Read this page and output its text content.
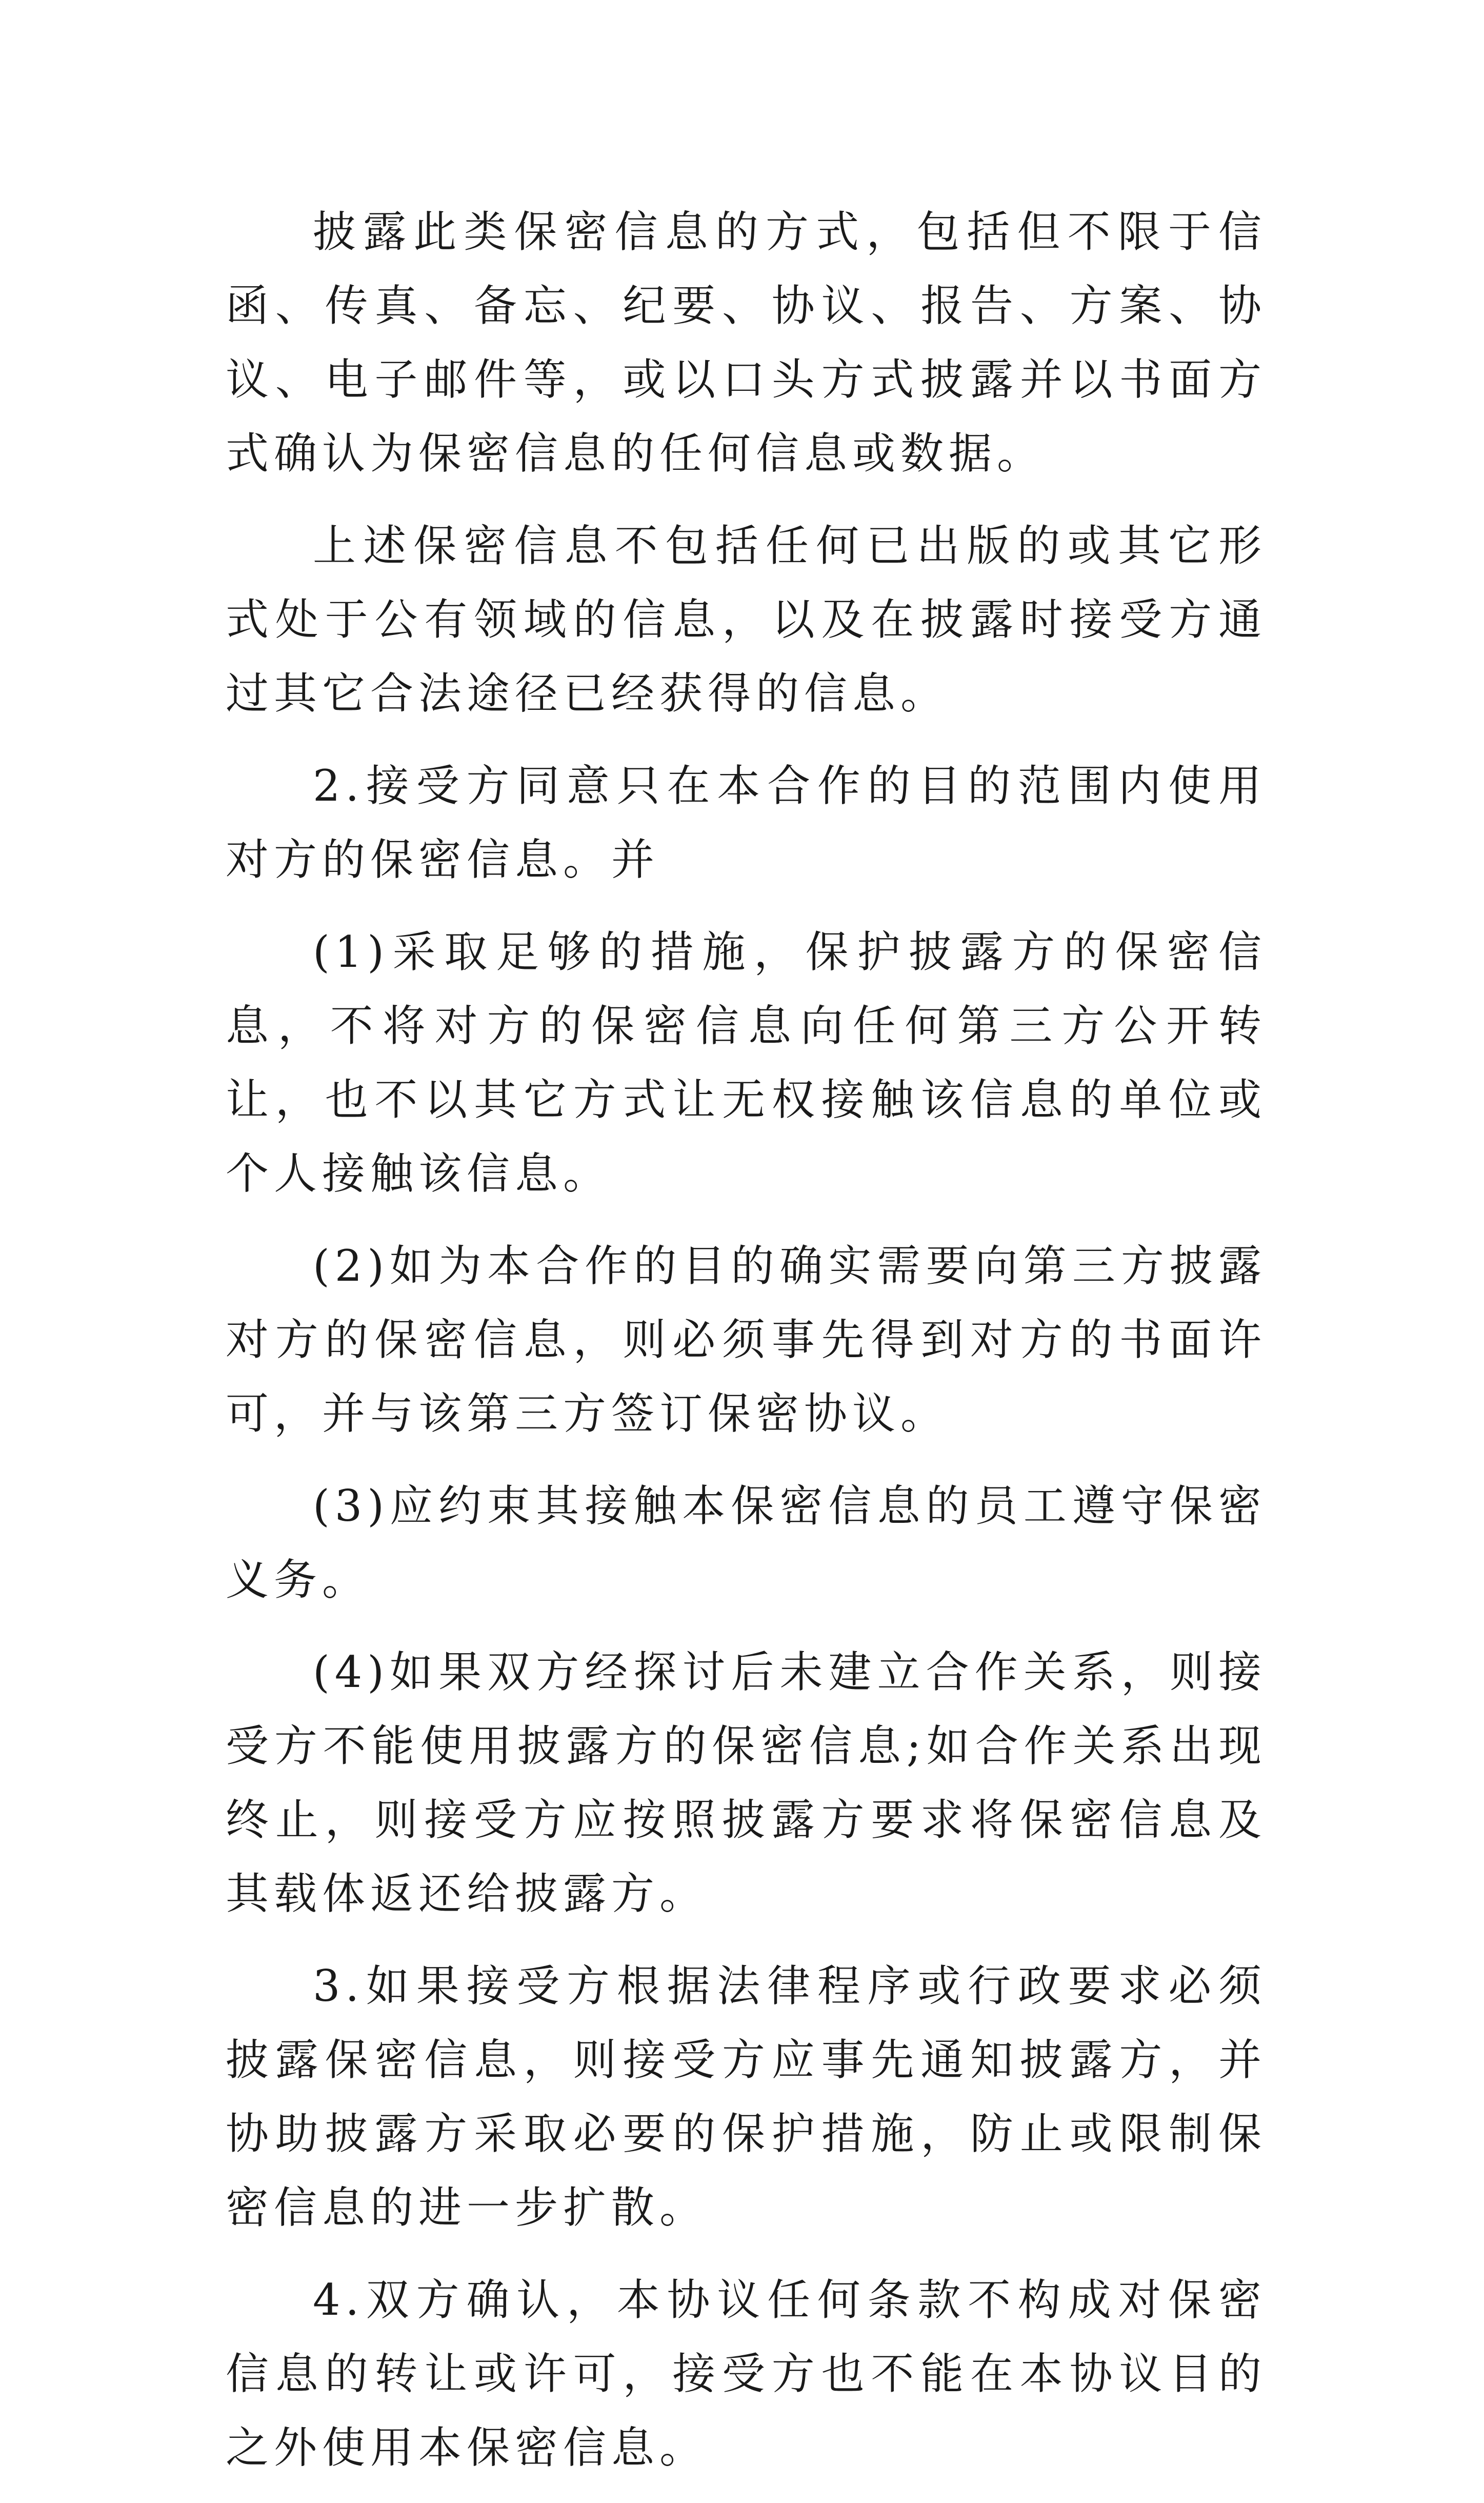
披露此类保密信息的方式，包括但不限于信函、传真、备忘、纪要、协议、报告、方案、协议、电子邮件等，或以口头方式披露并以书面方式确认为保密信息的任何信息或数据。

上述保密信息不包括任何已出版的或其它形式处于公有领域的信息，以及在披露时接受方通过其它合法途径已经获得的信息。

2.接受方同意只在本合作的目的范围内使用对方的保密信息。并

(1)采取足够的措施，保护披露方的保密信息，不将对方的保密信息向任何第三方公开转让，也不以其它方式让无权接触该信息的单位或个人接触该信息。

(2)如为本合作的目的确实需要向第三方披露对方的保密信息，则必须事先得到对方的书面许可，并与该第三方签订保密协议。

(3)应约束其接触本保密信息的员工遵守保密义务。

(4)如果双方经探讨后未建立合作关系，则接受方不能使用披露方的保密信息;如合作关系出现终止，则接受方应按照披露方要求将保密信息及其载体返还给披露方。

3.如果接受方根据法律程序或行政要求必须披露保密信息，则接受方应事先通知披露方，并协助披露方采取必要的保护措施，防止或限制保密信息的进一步扩散。

4.双方确认，本协议任何条款不构成对保密信息的转让或许可，接受方也不能在本协议目的之外使用本保密信息。
